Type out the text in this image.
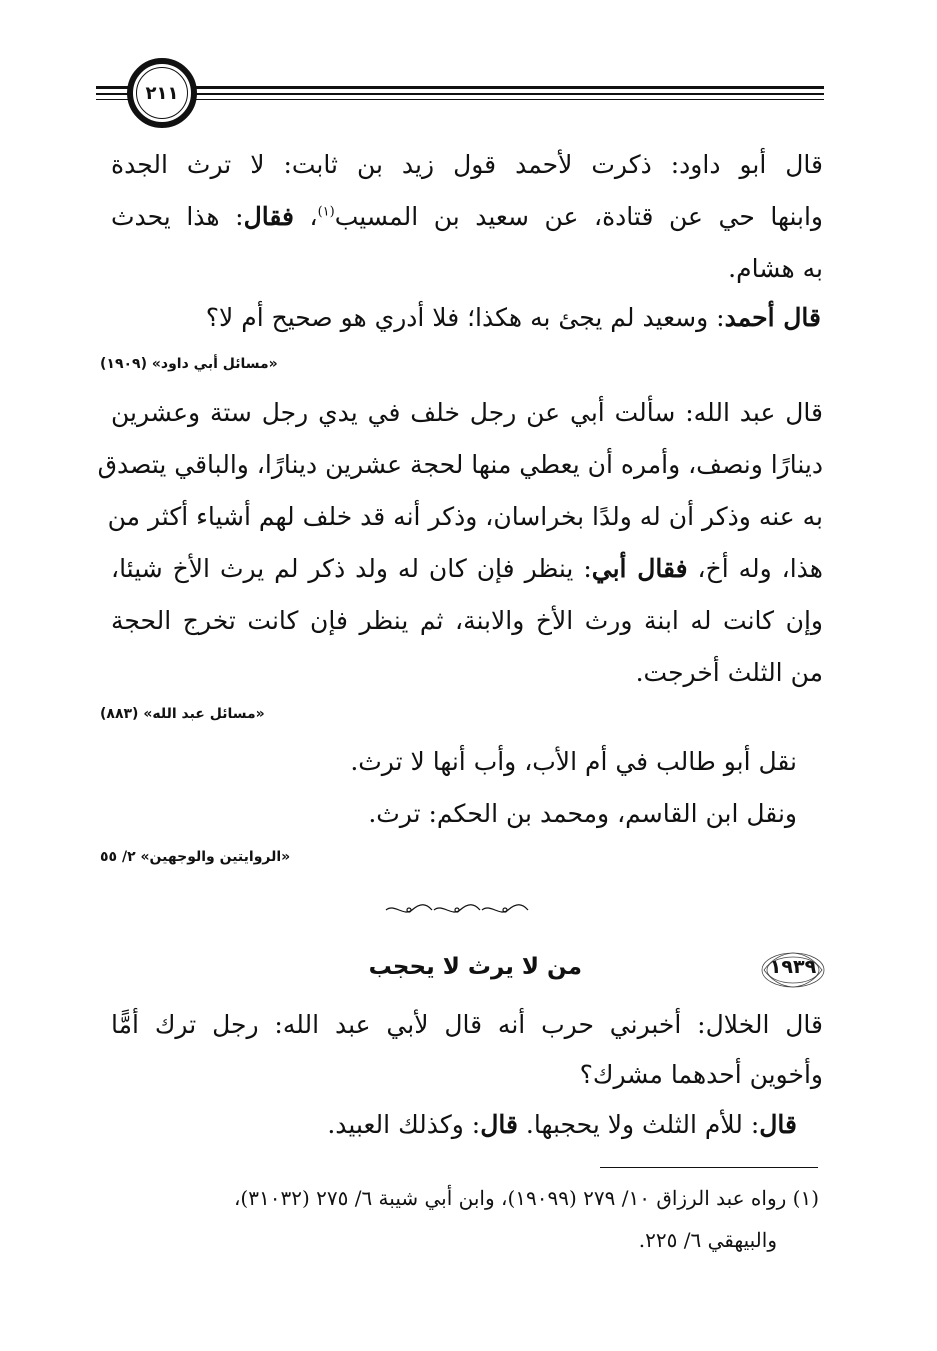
٢١١
قال أبو داود: ذكرت لأحمد قول زيد بن ثابت: لا ترث الجدة
وابنها حي عن قتادة، عن سعيد بن المسيب$^{(١)}$، فقال: هذا يحدث
به هشام.
قال أحمد: وسعيد لم يجئ به هكذا؛ فلا أدري هو صحيح أم لا؟
«مسائل أبي داود» (١٩٠٩)
قال عبد الله: سألت أبي عن رجل خلف في يدي رجل ستة وعشرين
دينارًا ونصف، وأمره أن يعطي منها لحجة عشرين دينارًا، والباقي يتصدق
به عنه وذكر أن له ولدًا بخراسان، وذكر أنه قد خلف لهم أشياء أكثر من
هذا، وله أخ، فقال أبي: ينظر فإن كان له ولد ذكر لم يرث الأخ شيئا،
وإن كانت له ابنة ورث الأخ والابنة، ثم ينظر فإن كانت تخرج الحجة
من الثلث أخرجت.
«مسائل عبد الله» (٨٨٣)
نقل أبو طالب في أم الأب، وأب أنها لا ترث.
ونقل ابن القاسم، ومحمد بن الحكم: ترث.
«الروايتين والوجهين» ٢/ ٥٥
١٩٣٩
من لا يرث لا يحجب
قال الخلال: أخبرني حرب أنه قال لأبي عبد الله: رجل ترك أمًّا
وأخوين أحدهما مشرك؟
قال: للأم الثلث ولا يحجبها. قال: وكذلك العبيد.
(١) رواه عبد الرزاق ١٠/ ٢٧٩ (١٩٠٩٩)، وابن أبي شيبة ٦/ ٢٧٥ (٣١٠٣٢)،
والبيهقي ٦/ ٢٢٥.
